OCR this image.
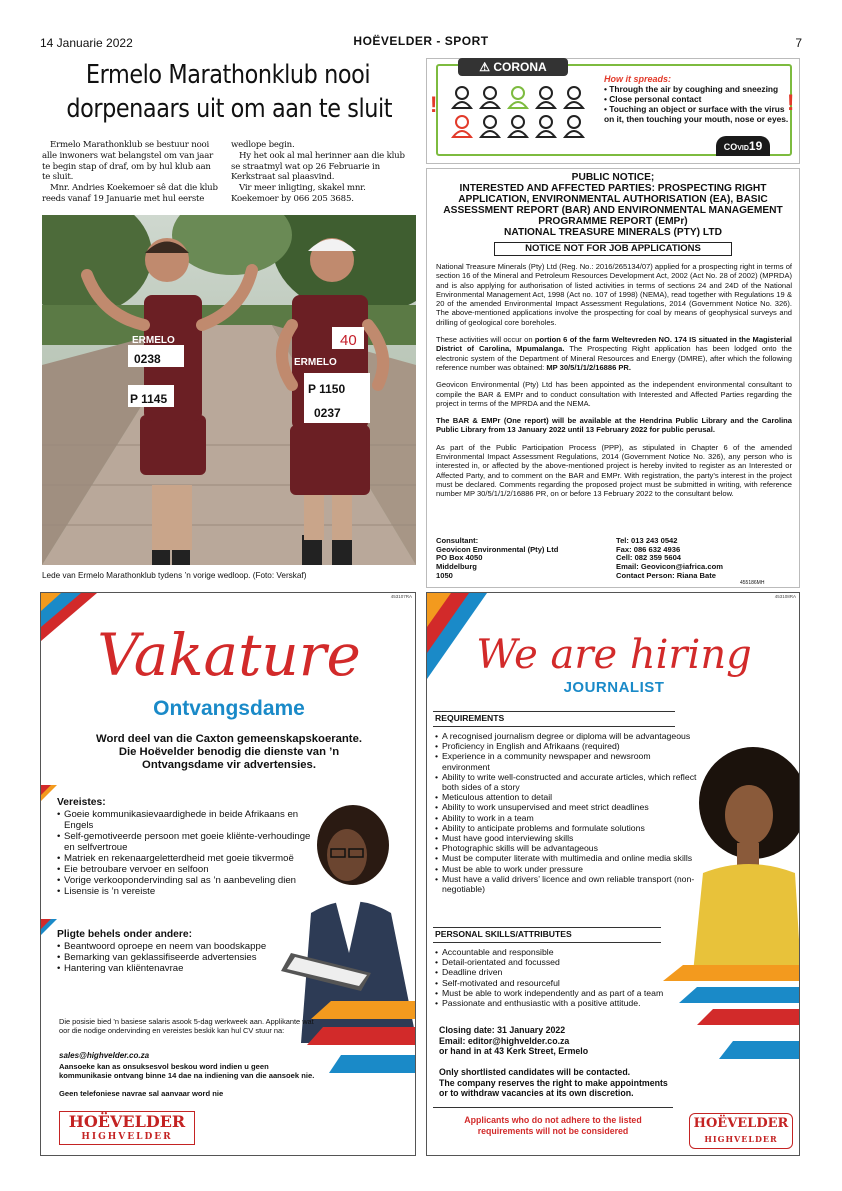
14 Januarie 2022	HOËVELDER - SPORT	7
Ermelo Marathonklub nooi
dorpenaars uit om aan te sluit

Ermelo Marathonklub se bestuur nooi alle inwoners wat belangstel om van jaar te begin stap of draf, om by hul klub aan te sluit.

Mnr. Andries Koekemoer sê dat die klub reeds vanaf 19 Januarie met hul eerste

wedlope begin.

Hy het ook al mal herinner aan die klub se straatmyl wat op 26 Februarie in Kerkstraat sal plaasvind.

Vir meer inligting, skakel mnr. Koekemoer by 066 205 3685.

ERMELO
0238
P 1145
40
ERMELO
P 1150
0237
Lede van Ermelo Marathonklub tydens ’n vorige wedloop. (Foto: Verskaf)
⚠ CORONA
!	!
How it spreads:
• Through the air by coughing and sneezing
• Close personal contact
• Touching an object or surface with the virus on it, then touching your mouth, nose or eyes.
COVID19
PUBLIC NOTICE;
INTERESTED AND AFFECTED PARTIES: PROSPECTING RIGHT
APPLICATION, ENVIRONMENTAL AUTHORISATION (EA), BASIC
ASSESSMENT REPORT (BAR) AND ENVIRONMENTAL MANAGEMENT
PROGRAMME REPORT (EMPr)
NATIONAL TREASURE MINERALS (PTY) LTD
NOTICE NOT FOR JOB APPLICATIONS

National Treasure Minerals (Pty) Ltd (Reg. No.: 2016/265134/07) applied for a prospecting right in terms of section 16 of the Mineral and Petroleum Resources Development Act, 2002 (Act No. 28 of 2002) (MPRDA) and is also applying for authorisation of listed activities in terms of sections 24 and 24D of the National Environmental Management Act, 1998 (Act no. 107 of 1998) (NEMA), read together with Regulations 19 & 20 of the amended Environmental Impact Assessment Regulations, 2014 (Government Notice No. 326). The above-mentioned applications involve the prospecting for coal by means of geophysical surveys and drilling of geological core boreholes.

These activities will occur on portion 6 of the farm Weltevreden NO. 174 IS situated in the Magisterial District of Carolina, Mpumalanga. The Prospecting Right application has been lodged onto the electronic system of the Department of Mineral Resources and Energy (DMRE), after which the following reference number was obtained: MP 30/5/1/1/2/16886 PR.

Geovicon Environmental (Pty) Ltd has been appointed as the independent environmental consultant to compile the BAR & EMPr and to conduct consultation with Interested and Affected Parties regarding the project in terms of the MPRDA and the NEMA.

The BAR & EMPr (One report) will be available at the Hendrina Public Library and the Carolina Public Library from 13 January 2022 until 13 February 2022 for public perusal.

As part of the Public Participation Process (PPP), as stipulated in Chapter 6 of the amended Environmental Impact Assessment Regulations, 2014 (Government Notice No. 326), any person who is interested in, or affected by the above-mentioned project is hereby invited to register as an Interested or Affected Party, and to comment on the BAR and EMPr. With registration, the party’s interest in the project must be declared. Comments regarding the proposed project must be submitted in writing, with reference number MP 30/5/1/1/2/16886 PR, on or before 13 February 2022 to the consultant below.

Consultant:
Geovicon Environmental (Pty) Ltd
PO Box 4050
Middelburg
1050
Tel: 013 243 0542
Fax: 086 632 4936
Cell: 082 359 5604
Email: Geovicon@iafrica.com
Contact Person: Riana Bate
455186MH
453107RA
Vakature
Ontvangsdame
Word deel van die Caxton gemeenskapskoerante.
Die Hoëvelder benodig die dienste van ’n
Ontvangsdame vir advertensies.
Vereistes:
• Goeie kommunikasievaardighede in beide Afrikaans en Engels
• Self-gemotiveerde persoon met goeie kliënte-verhoudinge en selfvertroue
• Matriek en rekenaargeletterdheid met goeie tikvermoë
• Eie betroubare vervoer en selfoon
• Vorige verkoopondervinding sal as ’n aanbeveling dien
• Lisensie is ’n vereiste
Pligte behels onder andere:
• Beantwoord oproepe en neem van boodskappe
• Bemarking van geklassifiseerde advertensies
• Hantering van kliëntenavrae
Die posisie bied ’n basiese salaris asook 5-dag werkweek aan. Applikante wat oor die nodige ondervinding en vereistes beskik kan hul CV stuur na:
sales@highvelder.co.za
Aansoeke kan as onsuksesvol beskou word indien u geen kommunikasie ontvang binne 14 dae na indiening van die aansoek nie.
Geen telefoniese navrae sal aanvaar word nie
HOËVELDER
HIGHVELDER
453108RA
We are hiring
JOURNALIST
REQUIREMENTS
• A recognised journalism degree or diploma will be advantageous
• Proficiency in English and Afrikaans (required)
• Experience in a community newspaper and newsroom environment
• Ability to write well-constructed and accurate articles, which reflect both sides of a story
• Meticulous attention to detail
• Ability to work unsupervised and meet strict deadlines
• Ability to work in a team
• Ability to anticipate problems and formulate solutions
• Must have good interviewing skills
• Photographic skills will be advantageous
• Must be computer literate with multimedia and online media skills
• Must be able to work under pressure
• Must have a valid drivers’ licence and own reliable transport (non-negotiable)
PERSONAL SKILLS/ATTRIBUTES
• Accountable and responsible
• Detail-orientated and focussed
• Deadline driven
• Self-motivated and resourceful
• Must be able to work independently and as part of a team
• Passionate and enthusiastic with a positive attitude.
Closing date: 31 January 2022
Email: editor@highvelder.co.za
or hand in at 43 Kerk Street, Ermelo
Only shortlisted candidates will be contacted.
The company reserves the right to make appointments
or to withdraw vacancies at its own discretion.
Applicants who do not adhere to the listed
requirements will not be considered	HOËVELDER
HIGHVELDER
